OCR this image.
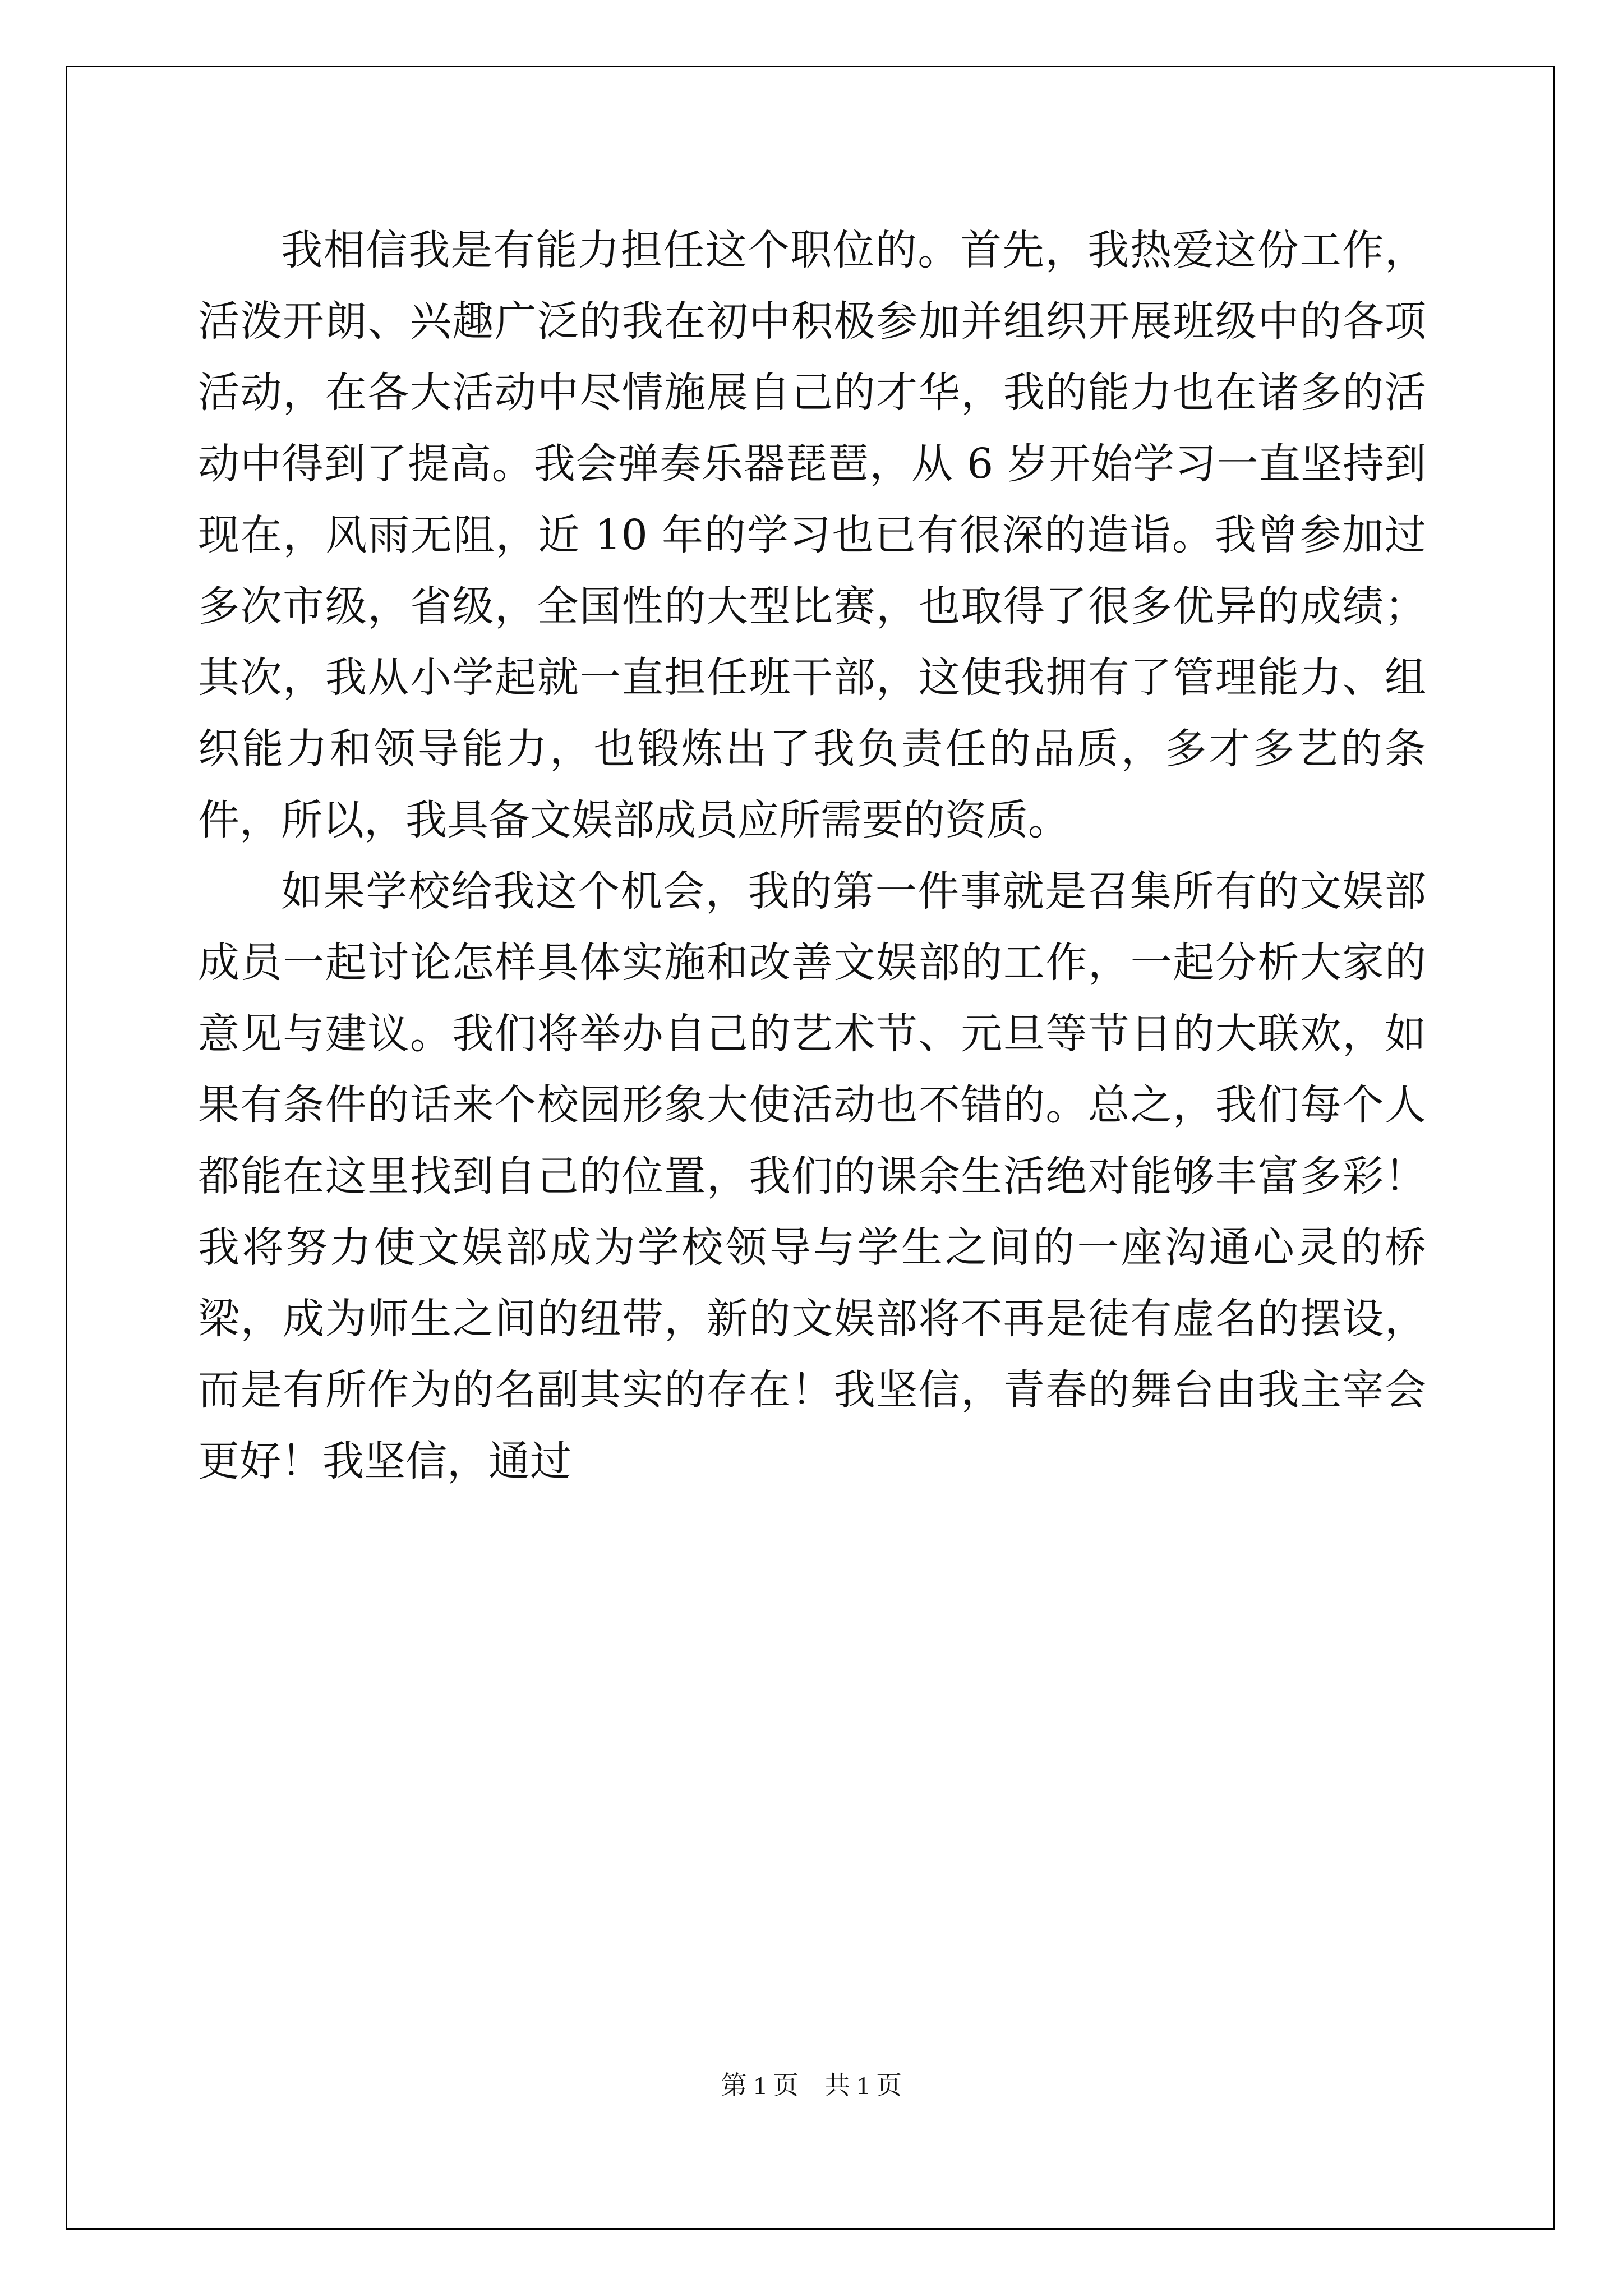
我相信我是有能力担任这个职位的。首先，我热爱这份工作，活泼开朗、兴趣广泛的我在初中积极参加并组织开展班级中的各项活动，在各大活动中尽情施展自己的才华，我的能力也在诸多的活动中得到了提高。我会弹奏乐器琵琶，从 6 岁开始学习一直坚持到现在，风雨无阻，近 10 年的学习也已有很深的造诣。我曾参加过多次市级，省级，全国性的大型比赛，也取得了很多优异的成绩；其次，我从小学起就一直担任班干部，这使我拥有了管理能力、组织能力和领导能力，也锻炼出了我负责任的品质，多才多艺的条件，所以，我具备文娱部成员应所需要的资质。

如果学校给我这个机会，我的第一件事就是召集所有的文娱部成员一起讨论怎样具体实施和改善文娱部的工作，一起分析大家的意见与建议。我们将举办自己的艺术节、元旦等节日的大联欢，如果有条件的话来个校园形象大使活动也不错的。总之，我们每个人都能在这里找到自己的位置，我们的课余生活绝对能够丰富多彩！我将努力使文娱部成为学校领导与学生之间的一座沟通心灵的桥梁，成为师生之间的纽带，新的文娱部将不再是徒有虚名的摆设，而是有所作为的名副其实的存在！我坚信，青春的舞台由我主宰会更好！我坚信，通过

第 1 页    共 1 页
